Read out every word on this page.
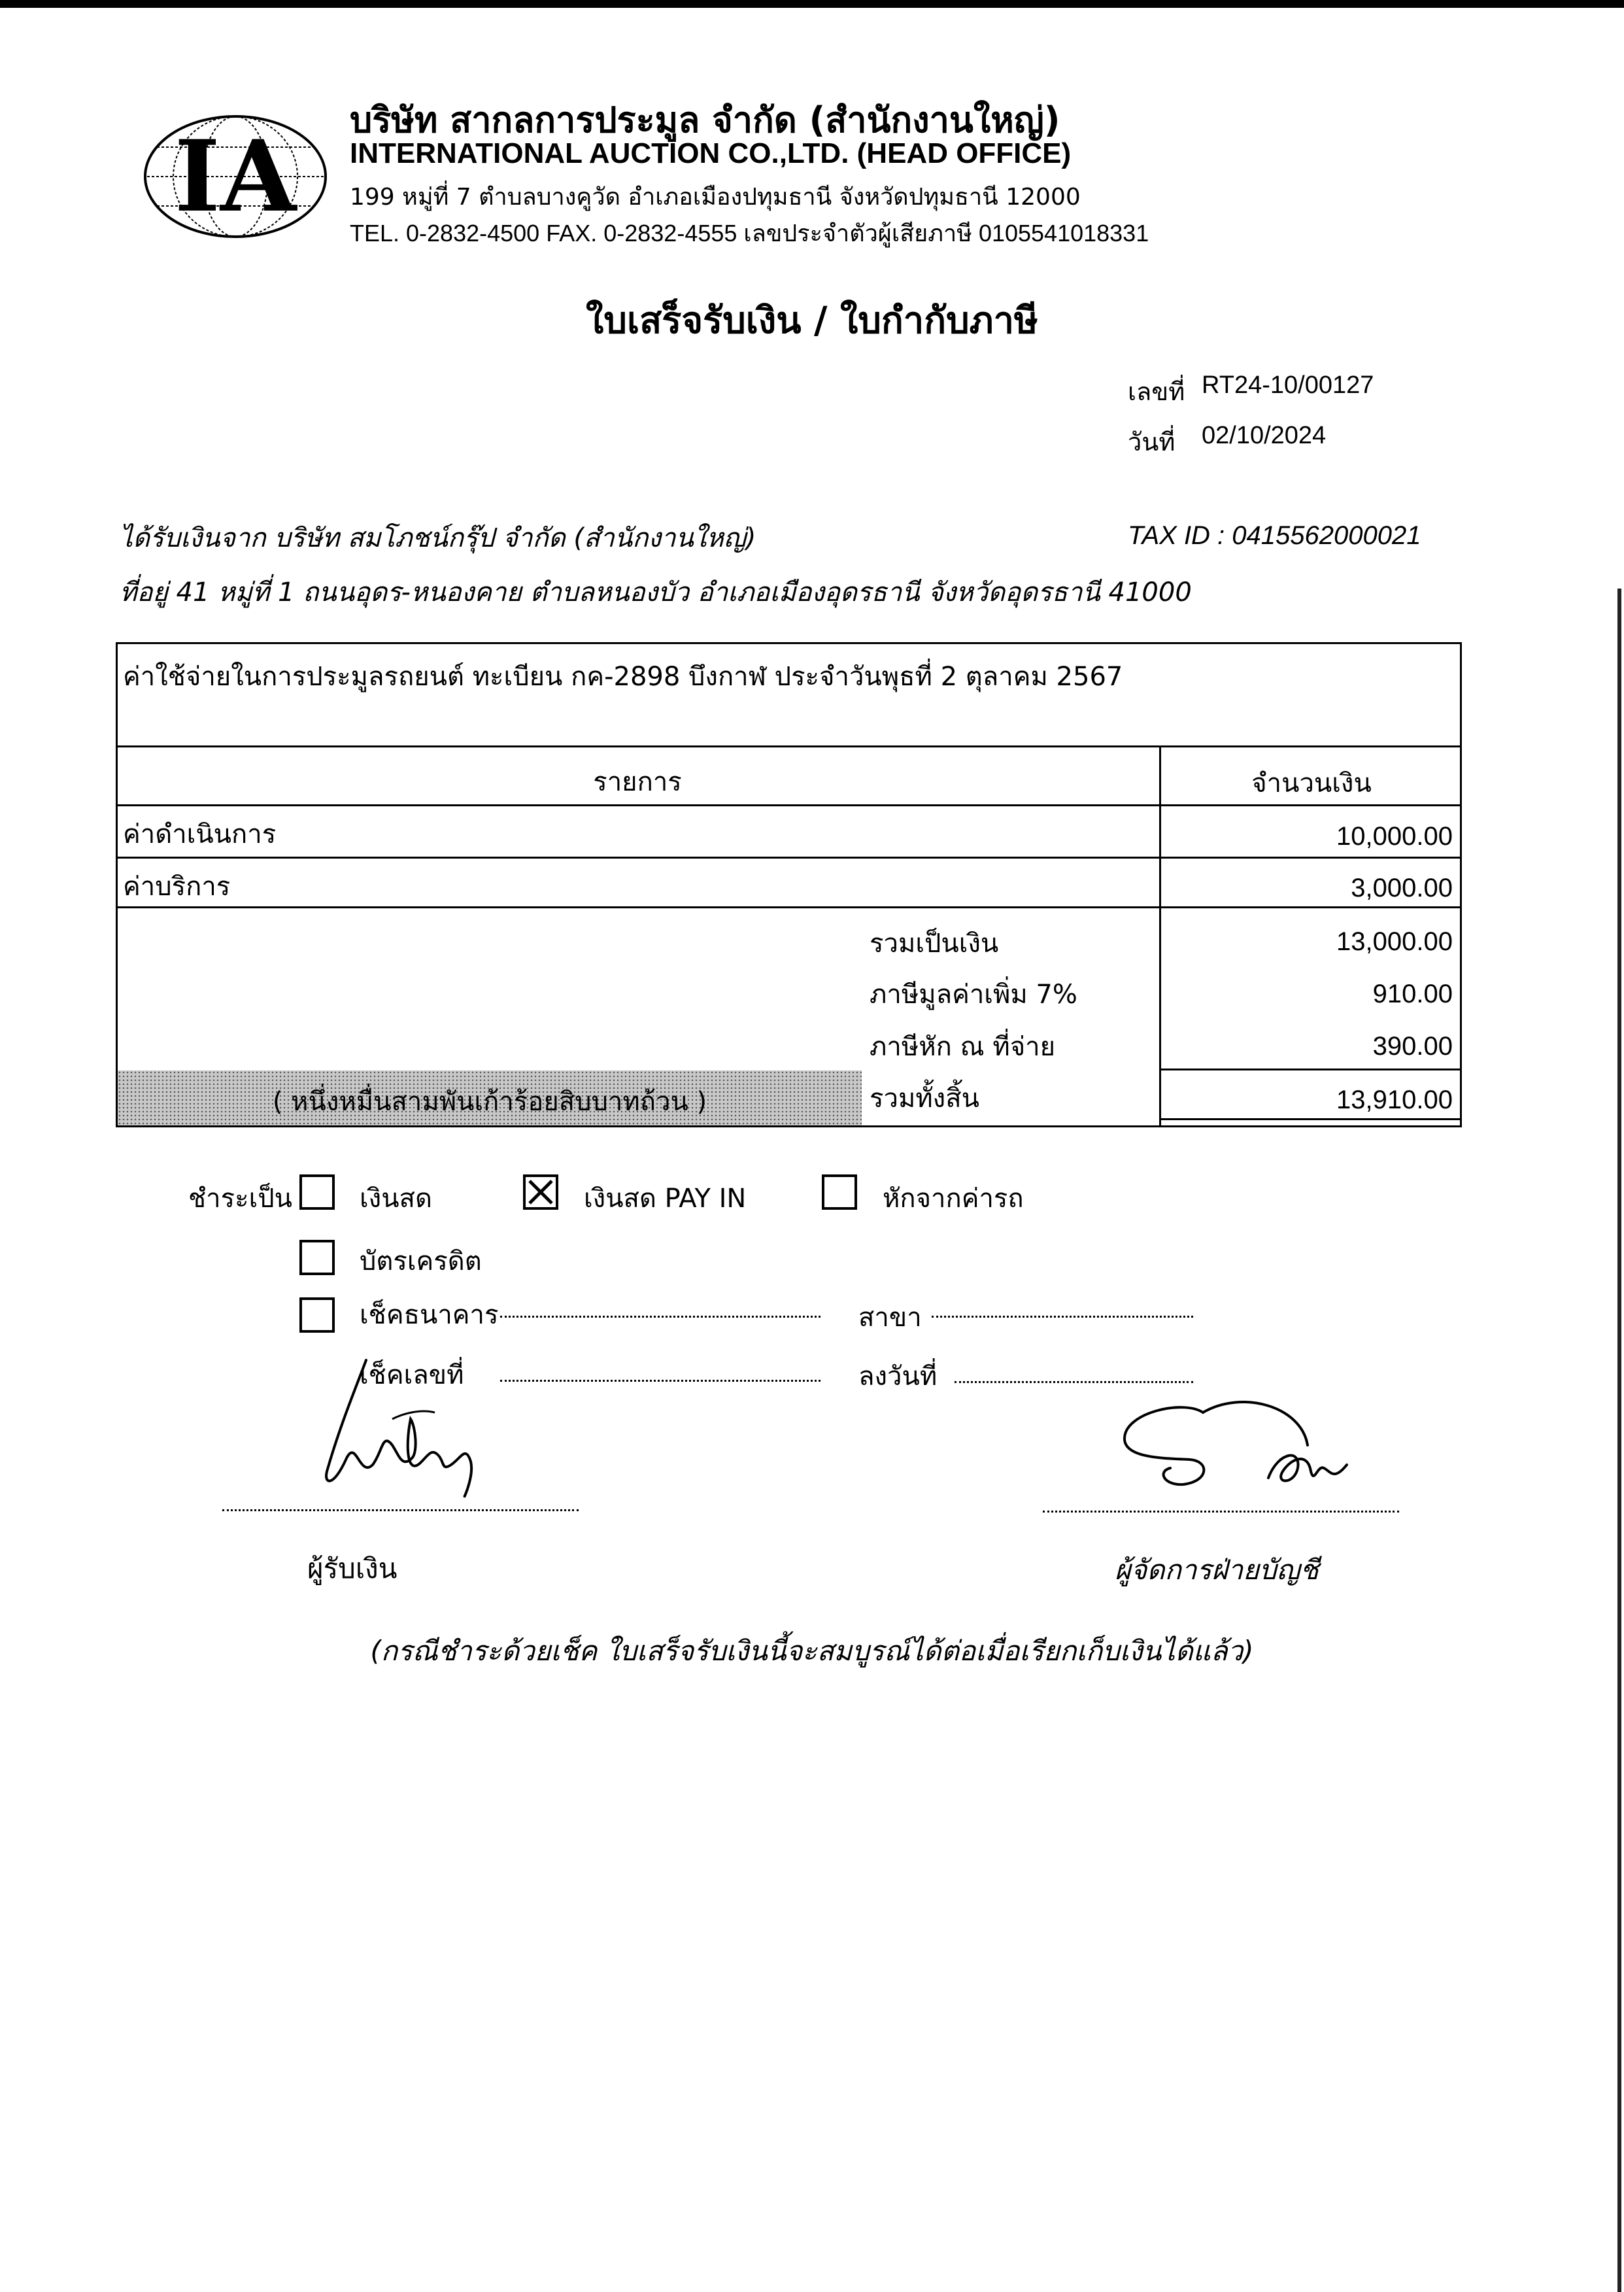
IA บริษัท สากลการประมูล จำกัด (สำนักงานใหญ่)
INTERNATIONAL AUCTION CO.,LTD. (HEAD OFFICE)
199 หมู่ที่ 7 ตำบลบางคูวัด อำเภอเมืองปทุมธานี จังหวัดปทุมธานี 12000
TEL. 0-2832-4500 FAX. 0-2832-4555 เลขประจำตัวผู้เสียภาษี 0105541018331
ใบเสร็จรับเงิน / ใบกำกับภาษี
เลขที่ RT24-10/00127
วันที่ 02/10/2024
ได้รับเงินจาก บริษัท สมโภชน์กรุ๊ป จำกัด (สำนักงานใหญ่)	TAX ID : 0415562000021
ที่อยู่ 41 หมู่ที่ 1 ถนนอุดร-หนองคาย ตำบลหนองบัว อำเภอเมืองอุดรธานี จังหวัดอุดรธานี 41000
ค่าใช้จ่ายในการประมูลรถยนต์ ทะเบียน กค-2898 บึงกาฬ ประจำวันพุธที่ 2 ตุลาคม 2567
รายการ	จำนวนเงิน
ค่าดำเนินการ	10,000.00
ค่าบริการ	3,000.00
รวมเป็นเงิน	13,000.00
ภาษีมูลค่าเพิ่ม 7%	910.00
ภาษีหัก ณ ที่จ่าย	390.00
( หนึ่งหมื่นสามพันเก้าร้อยสิบบาทถ้วน )	รวมทั้งสิ้น	13,910.00
ชำระเป็น	เงินสด	เงินสด PAY IN	หักจากค่ารถ
บัตรเครดิต
เช็คธนาคาร	สาขา
เช็คเลขที่	ลงวันที่
ผู้รับเงิน	ผู้จัดการฝ่ายบัญชี
(กรณีชำระด้วยเช็ค ใบเสร็จรับเงินนี้จะสมบูรณ์ได้ต่อเมื่อเรียกเก็บเงินได้แล้ว)
